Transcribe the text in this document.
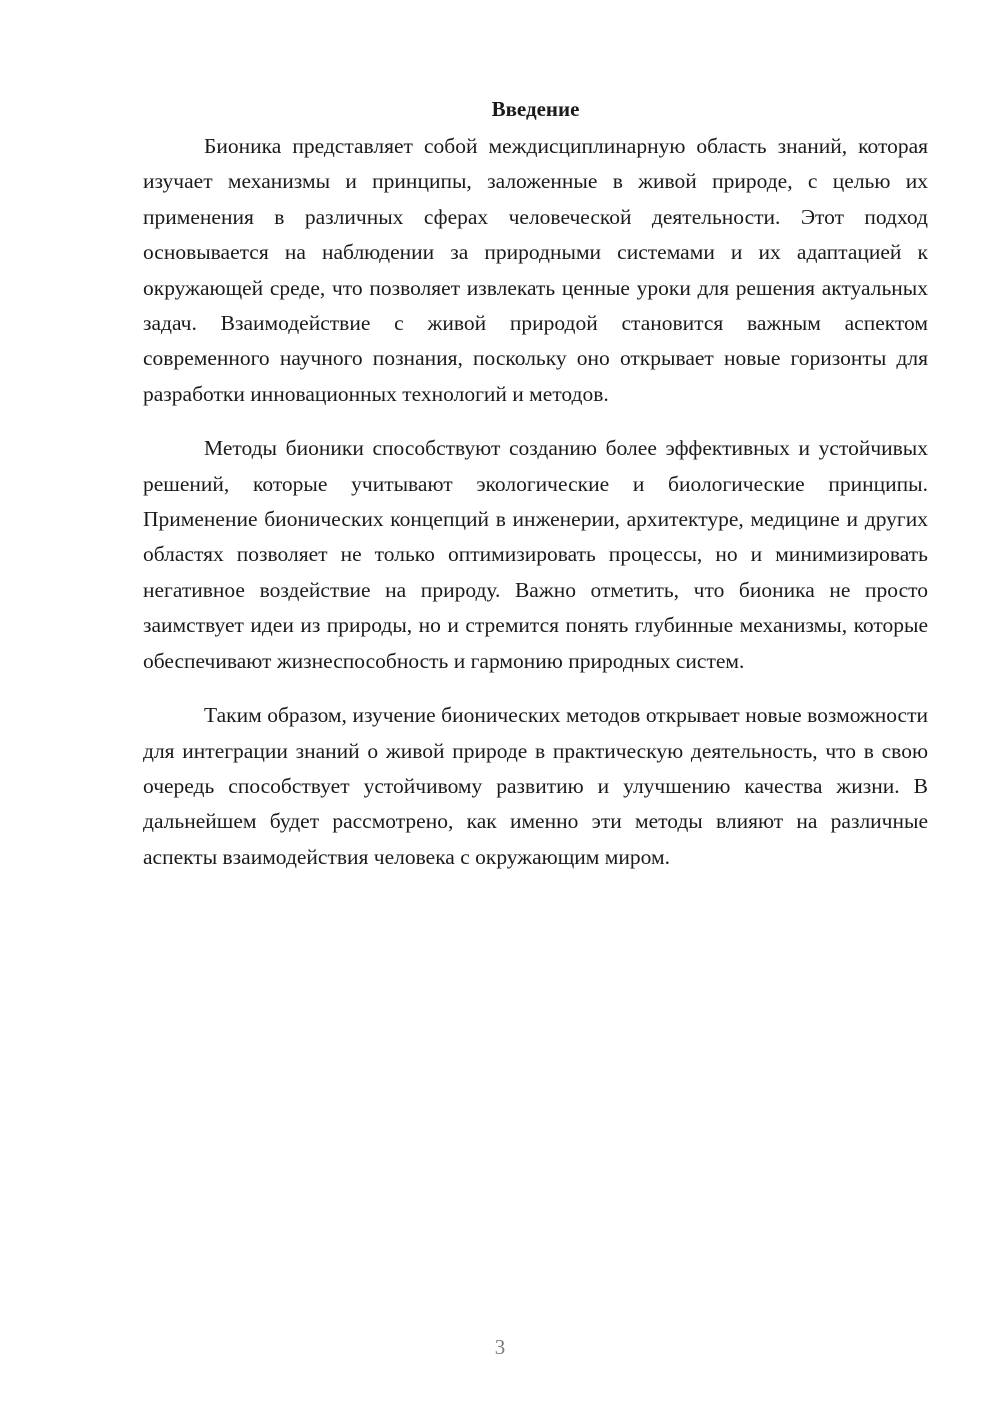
Введение

Бионика представляет собой междисциплинарную область знаний, которая изучает механизмы и принципы, заложенные в живой природе, с целью их применения в различных сферах человеческой деятельности. Этот подход основывается на наблюдении за природными системами и их адаптацией к окружающей среде, что позволяет извлекать ценные уроки для решения актуальных задач. Взаимодействие с живой природой становится важным аспектом современного научного познания, поскольку оно открывает новые горизонты для разработки инновационных технологий и методов.

Методы бионики способствуют созданию более эффективных и устойчивых решений, которые учитывают экологические и биологические принципы. Применение бионических концепций в инженерии, архитектуре, медицине и других областях позволяет не только оптимизировать процессы, но и минимизировать негативное воздействие на природу. Важно отметить, что бионика не просто заимствует идеи из природы, но и стремится понять глубинные механизмы, которые обеспечивают жизнеспособность и гармонию природных систем.

Таким образом, изучение бионических методов открывает новые возможности для интеграции знаний о живой природе в практическую деятельность, что в свою очередь способствует устойчивому развитию и улучшению качества жизни. В дальнейшем будет рассмотрено, как именно эти методы влияют на различные аспекты взаимодействия человека с окружающим миром.

3
